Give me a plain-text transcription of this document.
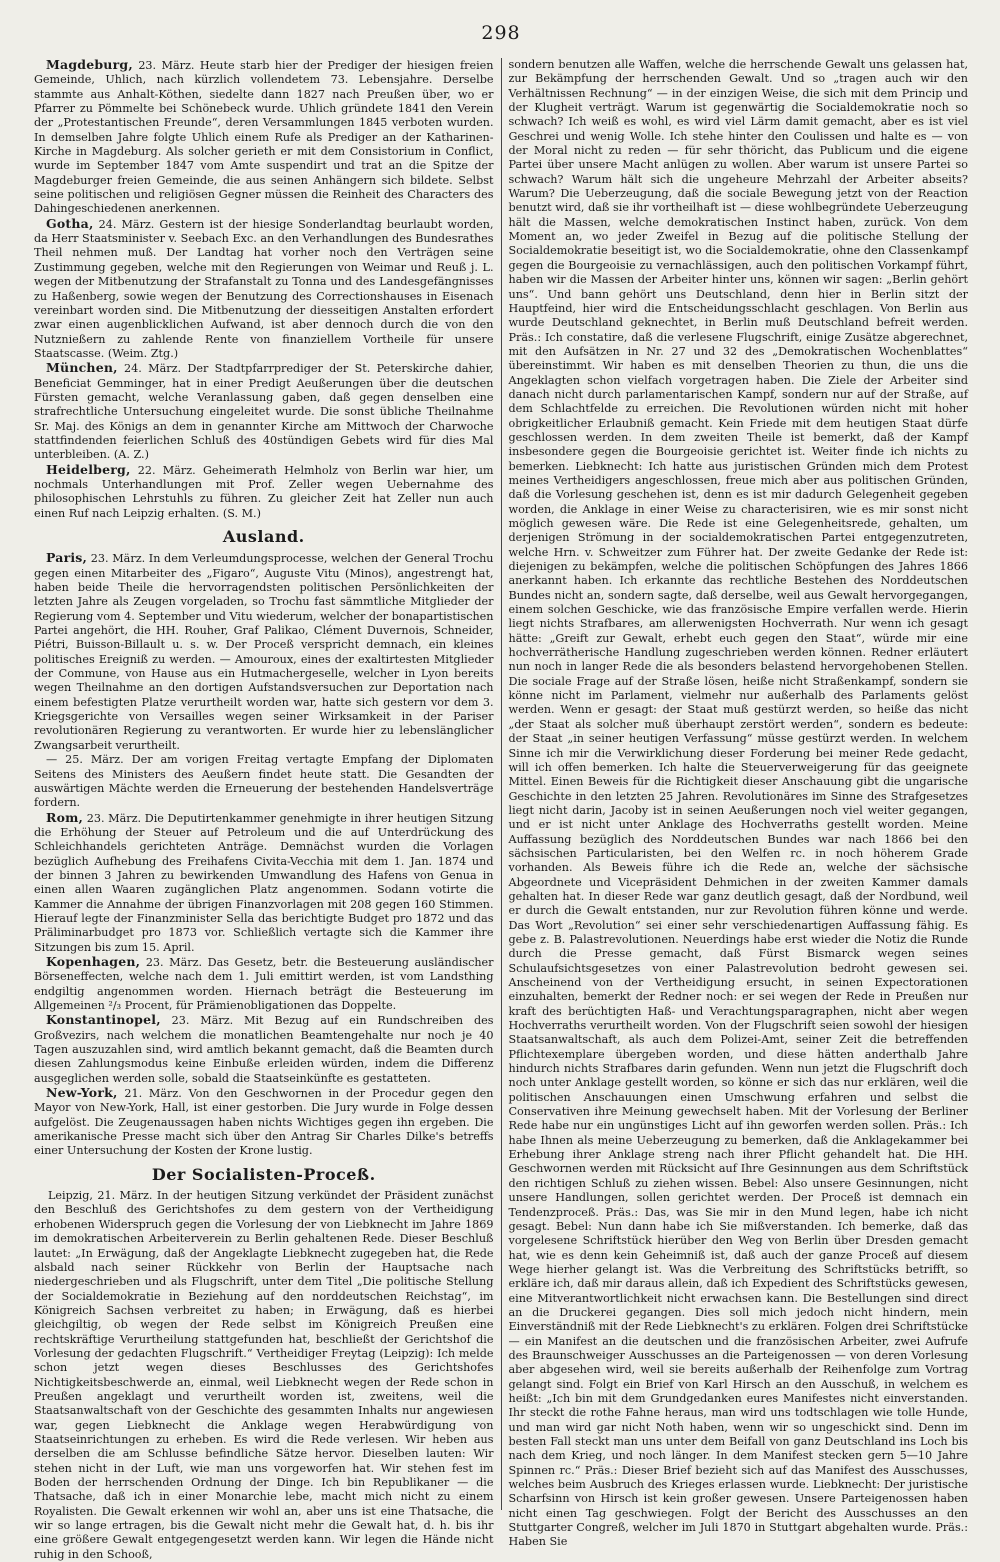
298

Magdeburg, 23. März. Heute starb hier der Prediger der hiesigen freien Gemeinde, Uhlich, nach kürzlich vollendetem 73. Lebensjahre. Derselbe stammte aus Anhalt-Köthen, siedelte dann 1827 nach Preußen über, wo er Pfarrer zu Pömmelte bei Schönebeck wurde. Uhlich gründete 1841 den Verein der „Protestantischen Freunde“, deren Versammlungen 1845 verboten wurden. In demselben Jahre folgte Uhlich einem Rufe als Prediger an der Katharinen-Kirche in Magdeburg. Als solcher gerieth er mit dem Consistorium in Conflict, wurde im September 1847 vom Amte suspendirt und trat an die Spitze der Magdeburger freien Gemeinde, die aus seinen Anhängern sich bildete. Selbst seine politischen und religiösen Gegner müssen die Reinheit des Characters des Dahingeschiedenen anerkennen.

Gotha, 24. März. Gestern ist der hiesige Sonderlandtag beurlaubt worden, da Herr Staatsminister v. Seebach Exc. an den Verhandlungen des Bundesrathes Theil nehmen muß. Der Landtag hat vorher noch den Verträgen seine Zustimmung gegeben, welche mit den Regierungen von Weimar und Reuß j. L. wegen der Mitbenutzung der Strafanstalt zu Tonna und des Landesgefängnisses zu Haßenberg, sowie wegen der Benutzung des Correctionshauses in Eisenach vereinbart worden sind. Die Mitbenutzung der diesseitigen Anstalten erfordert zwar einen augenblicklichen Aufwand, ist aber dennoch durch die von den Nutznießern zu zahlende Rente von finanziellem Vortheile für unsere Staatscasse. (Weim. Ztg.)

München, 24. März. Der Stadtpfarrprediger der St. Peterskirche dahier, Beneficiat Gemminger, hat in einer Predigt Aeußerungen über die deutschen Fürsten gemacht, welche Veranlassung gaben, daß gegen denselben eine strafrechtliche Untersuchung eingeleitet wurde. Die sonst übliche Theilnahme Sr. Maj. des Königs an dem in genannter Kirche am Mittwoch der Charwoche stattfindenden feierlichen Schluß des 40stündigen Gebets wird für dies Mal unterbleiben. (A. Z.)

Heidelberg, 22. März. Geheimerath Helmholz von Berlin war hier, um nochmals Unterhandlungen mit Prof. Zeller wegen Uebernahme des philosophischen Lehrstuhls zu führen. Zu gleicher Zeit hat Zeller nun auch einen Ruf nach Leipzig erhalten. (S. M.)

Ausland.

Paris, 23. März. In dem Verleumdungsprocesse, welchen der General Trochu gegen einen Mitarbeiter des „Figaro“, Auguste Vitu (Minos), angestrengt hat, haben beide Theile die hervorragendsten politischen Persönlichkeiten der letzten Jahre als Zeugen vorgeladen, so Trochu fast sämmtliche Mitglieder der Regierung vom 4. September und Vitu wiederum, welcher der bonapartistischen Partei angehört, die HH. Rouher, Graf Palikao, Clément Duvernois, Schneider, Piétri, Buisson-Billault u. s. w. Der Proceß verspricht demnach, ein kleines politisches Ereigniß zu werden. — Amouroux, eines der exaltirtesten Mitglieder der Commune, von Hause aus ein Hutmachergeselle, welcher in Lyon bereits wegen Theilnahme an den dortigen Aufstandsversuchen zur Deportation nach einem befestigten Platze verurtheilt worden war, hatte sich gestern vor dem 3. Kriegsgerichte von Versailles wegen seiner Wirksamkeit in der Pariser revolutionären Regierung zu verantworten. Er wurde hier zu lebenslänglicher Zwangsarbeit verurtheilt.

— 25. März. Der am vorigen Freitag vertagte Empfang der Diplomaten Seitens des Ministers des Aeußern findet heute statt. Die Gesandten der auswärtigen Mächte werden die Erneuerung der bestehenden Handelsverträge fordern.

Rom, 23. März. Die Deputirtenkammer genehmigte in ihrer heutigen Sitzung die Erhöhung der Steuer auf Petroleum und die auf Unterdrückung des Schleichhandels gerichteten Anträge. Demnächst wurden die Vorlagen bezüglich Aufhebung des Freihafens Civita-Vecchia mit dem 1. Jan. 1874 und der binnen 3 Jahren zu bewirkenden Umwandlung des Hafens von Genua in einen allen Waaren zugänglichen Platz angenommen. Sodann votirte die Kammer die Annahme der übrigen Finanzvorlagen mit 208 gegen 160 Stimmen. Hierauf legte der Finanzminister Sella das berichtigte Budget pro 1872 und das Präliminarbudget pro 1873 vor. Schließlich vertagte sich die Kammer ihre Sitzungen bis zum 15. April.

Kopenhagen, 23. März. Das Gesetz, betr. die Besteuerung ausländischer Börseneffecten, welche nach dem 1. Juli emittirt werden, ist vom Landsthing endgiltig angenommen worden. Hiernach beträgt die Besteuerung im Allgemeinen ²/₃ Procent, für Prämienobligationen das Doppelte.

Konstantinopel, 23. März. Mit Bezug auf ein Rundschreiben des Großvezirs, nach welchem die monatlichen Beamtengehalte nur noch je 40 Tagen auszuzahlen sind, wird amtlich bekannt gemacht, daß die Beamten durch diesen Zahlungsmodus keine Einbuße erleiden würden, indem die Differenz ausgeglichen werden solle, sobald die Staatseinkünfte es gestatteten.

New-York, 21. März. Von den Geschwornen in der Procedur gegen den Mayor von New-York, Hall, ist einer gestorben. Die Jury wurde in Folge dessen aufgelöst. Die Zeugenaussagen haben nichts Wichtiges gegen ihn ergeben. Die amerikanische Presse macht sich über den Antrag Sir Charles Dilke's betreffs einer Untersuchung der Kosten der Krone lustig.

Der Socialisten-Proceß.

Leipzig, 21. März. In der heutigen Sitzung verkündet der Präsident zunächst den Beschluß des Gerichtshofes zu dem gestern von der Vertheidigung erhobenen Widerspruch gegen die Vorlesung der von Liebknecht im Jahre 1869 im demokratischen Arbeiterverein zu Berlin gehaltenen Rede. Dieser Beschluß lautet: „In Erwägung, daß der Angeklagte Liebknecht zugegeben hat, die Rede alsbald nach seiner Rückkehr von Berlin der Hauptsache nach niedergeschrieben und als Flugschrift, unter dem Titel „Die politische Stellung der Socialdemokratie in Beziehung auf den norddeutschen Reichstag“, im Königreich Sachsen verbreitet zu haben; in Erwägung, daß es hierbei gleichgiltig, ob wegen der Rede selbst im Königreich Preußen eine rechtskräftige Verurtheilung stattgefunden hat, beschließt der Gerichtshof die Vorlesung der gedachten Flugschrift.“ Vertheidiger Freytag (Leipzig): Ich melde schon jetzt wegen dieses Beschlusses des Gerichtshofes Nichtigkeitsbeschwerde an, einmal, weil Liebknecht wegen der Rede schon in Preußen angeklagt und verurtheilt worden ist, zweitens, weil die Staatsanwaltschaft von der Geschichte des gesammten Inhalts nur angewiesen war, gegen Liebknecht die Anklage wegen Herabwürdigung von Staatseinrichtungen zu erheben. Es wird die Rede verlesen. Wir heben aus derselben die am Schlusse befindliche Sätze hervor. Dieselben lauten: Wir stehen nicht in der Luft, wie man uns vorgeworfen hat. Wir stehen fest im Boden der herrschenden Ordnung der Dinge. Ich bin Republikaner — die Thatsache, daß ich in einer Monarchie lebe, macht mich nicht zu einem Royalisten. Die Gewalt erkennen wir wohl an, aber uns ist eine Thatsache, die wir so lange ertragen, bis die Gewalt nicht mehr die Gewalt hat, d. h. bis ihr eine größere Gewalt entgegengesetzt werden kann. Wir legen die Hände nicht ruhig in den Schooß,

sondern benutzen alle Waffen, welche die herrschende Gewalt uns gelassen hat, zur Bekämpfung der herrschenden Gewalt. Und so „tragen auch wir den Verhältnissen Rechnung“ — in der einzigen Weise, die sich mit dem Princip und der Klugheit verträgt. Warum ist gegenwärtig die Socialdemokratie noch so schwach? Ich weiß es wohl, es wird viel Lärm damit gemacht, aber es ist viel Geschrei und wenig Wolle. Ich stehe hinter den Coulissen und halte es — von der Moral nicht zu reden — für sehr thöricht, das Publicum und die eigene Partei über unsere Macht anlügen zu wollen. Aber warum ist unsere Partei so schwach? Warum hält sich die ungeheure Mehrzahl der Arbeiter abseits? Warum? Die Ueberzeugung, daß die sociale Bewegung jetzt von der Reaction benutzt wird, daß sie ihr vortheilhaft ist — diese wohlbegründete Ueberzeugung hält die Massen, welche demokratischen Instinct haben, zurück. Von dem Moment an, wo jeder Zweifel in Bezug auf die politische Stellung der Socialdemokratie beseitigt ist, wo die Socialdemokratie, ohne den Classenkampf gegen die Bourgeoisie zu vernachlässigen, auch den politischen Vorkampf führt, haben wir die Massen der Arbeiter hinter uns, können wir sagen: „Berlin gehört uns“. Und bann gehört uns Deutschland, denn hier in Berlin sitzt der Hauptfeind, hier wird die Entscheidungsschlacht geschlagen. Von Berlin aus wurde Deutschland geknechtet, in Berlin muß Deutschland befreit werden. Präs.: Ich constatire, daß die verlesene Flugschrift, einige Zusätze abgerechnet, mit den Aufsätzen in Nr. 27 und 32 des „Demokratischen Wochenblattes“ übereinstimmt. Wir haben es mit denselben Theorien zu thun, die uns die Angeklagten schon vielfach vorgetragen haben. Die Ziele der Arbeiter sind danach nicht durch parlamentarischen Kampf, sondern nur auf der Straße, auf dem Schlachtfelde zu erreichen. Die Revolutionen würden nicht mit hoher obrigkeitlicher Erlaubniß gemacht. Kein Friede mit dem heutigen Staat dürfe geschlossen werden. In dem zweiten Theile ist bemerkt, daß der Kampf insbesondere gegen die Bourgeoisie gerichtet ist. Weiter finde ich nichts zu bemerken. Liebknecht: Ich hatte aus juristischen Gründen mich dem Protest meines Vertheidigers angeschlossen, freue mich aber aus politischen Gründen, daß die Vorlesung geschehen ist, denn es ist mir dadurch Gelegenheit gegeben worden, die Anklage in einer Weise zu characterisiren, wie es mir sonst nicht möglich gewesen wäre. Die Rede ist eine Gelegenheitsrede, gehalten, um derjenigen Strömung in der socialdemokratischen Partei entgegenzutreten, welche Hrn. v. Schweitzer zum Führer hat. Der zweite Gedanke der Rede ist: diejenigen zu bekämpfen, welche die politischen Schöpfungen des Jahres 1866 anerkannt haben. Ich erkannte das rechtliche Bestehen des Norddeutschen Bundes nicht an, sondern sagte, daß derselbe, weil aus Gewalt hervorgegangen, einem solchen Geschicke, wie das französische Empire verfallen werde. Hierin liegt nichts Strafbares, am allerwenigsten Hochverrath. Nur wenn ich gesagt hätte: „Greift zur Gewalt, erhebt euch gegen den Staat“, würde mir eine hochverrätherische Handlung zugeschrieben werden können. Redner erläutert nun noch in langer Rede die als besonders belastend hervorgehobenen Stellen. Die sociale Frage auf der Straße lösen, heiße nicht Straßenkampf, sondern sie könne nicht im Parlament, vielmehr nur außerhalb des Parlaments gelöst werden. Wenn er gesagt: der Staat muß gestürzt werden, so heiße das nicht „der Staat als solcher muß überhaupt zerstört werden“, sondern es bedeute: der Staat „in seiner heutigen Verfassung“ müsse gestürzt werden. In welchem Sinne ich mir die Verwirklichung dieser Forderung bei meiner Rede gedacht, will ich offen bemerken. Ich halte die Steuerverweigerung für das geeignete Mittel. Einen Beweis für die Richtigkeit dieser Anschauung gibt die ungarische Geschichte in den letzten 25 Jahren. Revolutionäres im Sinne des Strafgesetzes liegt nicht darin, Jacoby ist in seinen Aeußerungen noch viel weiter gegangen, und er ist nicht unter Anklage des Hochverraths gestellt worden. Meine Auffassung bezüglich des Norddeutschen Bundes war nach 1866 bei den sächsischen Particularisten, bei den Welfen rc. in noch höherem Grade vorhanden. Als Beweis führe ich die Rede an, welche der sächsische Abgeordnete und Vicepräsident Dehmichen in der zweiten Kammer damals gehalten hat. In dieser Rede war ganz deutlich gesagt, daß der Nordbund, weil er durch die Gewalt entstanden, nur zur Revolution führen könne und werde. Das Wort „Revolution“ sei einer sehr verschiedenartigen Auffassung fähig. Es gebe z. B. Palastrevolutionen. Neuerdings habe erst wieder die Notiz die Runde durch die Presse gemacht, daß Fürst Bismarck wegen seines Schulaufsichtsgesetzes von einer Palastrevolution bedroht gewesen sei. Anscheinend von der Vertheidigung ersucht, in seinen Expectorationen einzuhalten, bemerkt der Redner noch: er sei wegen der Rede in Preußen nur kraft des berüchtigten Haß- und Verachtungsparagraphen, nicht aber wegen Hochverraths verurtheilt worden. Von der Flugschrift seien sowohl der hiesigen Staatsanwaltschaft, als auch dem Polizei-Amt, seiner Zeit die betreffenden Pflichtexemplare übergeben worden, und diese hätten anderthalb Jahre hindurch nichts Strafbares darin gefunden. Wenn nun jetzt die Flugschrift doch noch unter Anklage gestellt worden, so könne er sich das nur erklären, weil die politischen Anschauungen einen Umschwung erfahren und selbst die Conservativen ihre Meinung gewechselt haben. Mit der Vorlesung der Berliner Rede habe nur ein ungünstiges Licht auf ihn geworfen werden sollen. Präs.: Ich habe Ihnen als meine Ueberzeugung zu bemerken, daß die Anklagekammer bei Erhebung ihrer Anklage streng nach ihrer Pflicht gehandelt hat. Die HH. Geschwornen werden mit Rücksicht auf Ihre Gesinnungen aus dem Schriftstück den richtigen Schluß zu ziehen wissen. Bebel: Also unsere Gesinnungen, nicht unsere Handlungen, sollen gerichtet werden. Der Proceß ist demnach ein Tendenzproceß. Präs.: Das, was Sie mir in den Mund legen, habe ich nicht gesagt. Bebel: Nun dann habe ich Sie mißverstanden. Ich bemerke, daß das vorgelesene Schriftstück hierüber den Weg von Berlin über Dresden gemacht hat, wie es denn kein Geheimniß ist, daß auch der ganze Proceß auf diesem Wege hierher gelangt ist. Was die Verbreitung des Schriftstücks betrifft, so erkläre ich, daß mir daraus allein, daß ich Expedient des Schriftstücks gewesen, eine Mitverantwortlichkeit nicht erwachsen kann. Die Bestellungen sind direct an die Druckerei gegangen. Dies soll mich jedoch nicht hindern, mein Einverständniß mit der Rede Liebknecht's zu erklären. Folgen drei Schriftstücke — ein Manifest an die deutschen und die französischen Arbeiter, zwei Aufrufe des Braunschweiger Ausschusses an die Parteigenossen — von deren Vorlesung aber abgesehen wird, weil sie bereits außerhalb der Reihenfolge zum Vortrag gelangt sind. Folgt ein Brief von Karl Hirsch an den Ausschuß, in welchem es heißt: „Ich bin mit dem Grundgedanken eures Manifestes nicht einverstanden. Ihr steckt die rothe Fahne heraus, man wird uns todtschlagen wie tolle Hunde, und man wird gar nicht Noth haben, wenn wir so ungeschickt sind. Denn im besten Fall steckt man uns unter dem Beifall von ganz Deutschland ins Loch bis nach dem Krieg, und noch länger. In dem Manifest stecken gern 5—10 Jahre Spinnen rc.“ Präs.: Dieser Brief bezieht sich auf das Manifest des Ausschusses, welches beim Ausbruch des Krieges erlassen wurde. Liebknecht: Der juristische Scharfsinn von Hirsch ist kein großer gewesen. Unsere Parteigenossen haben nicht einen Tag geschwiegen. Folgt der Bericht des Ausschusses an den Stuttgarter Congreß, welcher im Juli 1870 in Stuttgart abgehalten wurde. Präs.: Haben Sie
